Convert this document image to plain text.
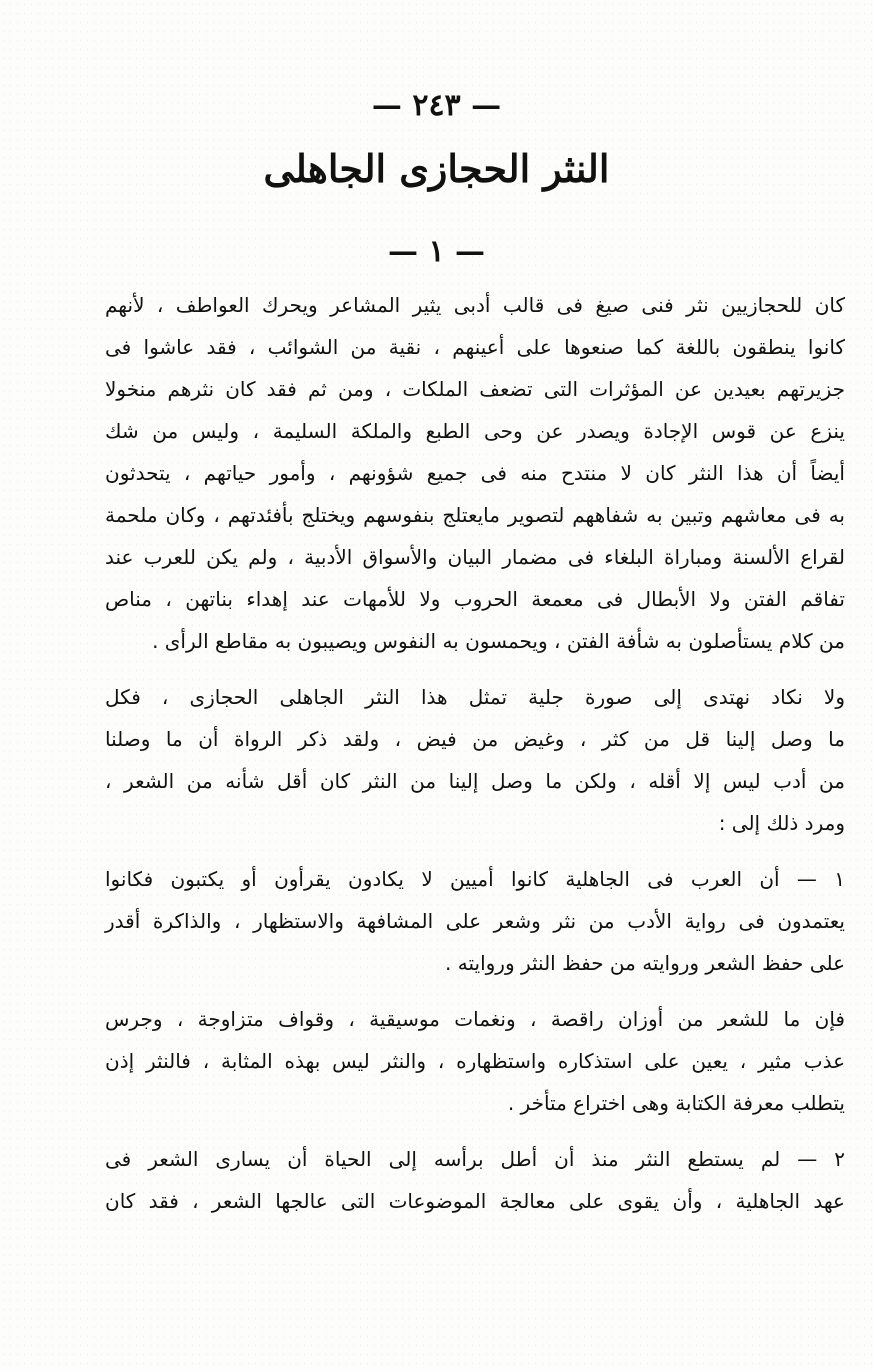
— ٢٤٣ —
النثر الحجازى الجاهلى
— ١ —

كان للحجازيين نثر فنى صيغ فى قالب أدبى يثير المشاعر ويحرك العواطف ، لأنهم
كانوا ينطقون باللغة كما صنعوها على أعينهم ، نقية من الشوائب ، فقد عاشوا فى
جزيرتهم بعيدين عن المؤثرات التى تضعف الملكات ، ومن ثم فقد كان نثرهم منخولا
ينزع عن قوس الإجادة ويصدر عن وحى الطبع والملكة السليمة ، وليس من شك
أيضاً أن هذا النثر كان لا منتدح منه فى جميع شؤونهم ، وأمور حياتهم ، يتحدثون
به فى معاشهم وتبين به شفاههم لتصوير مايعتلج بنفوسهم ويختلج بأفئدتهم ، وكان ملحمة
لقراع الألسنة ومباراة البلغاء فى مضمار البيان والأسواق الأدبية ، ولم يكن للعرب عند
تفاقم الفتن ولا الأبطال فى معمعة الحروب ولا للأمهات عند إهداء بناتهن ، مناص
من كلام يستأصلون به شأفة الفتن ، ويحمسون به النفوس ويصيبون به مقاطع الرأى .

ولا نكاد نهتدى إلى صورة جلية تمثل هذا النثر الجاهلى الحجازى ، فكل
ما وصل إلينا قل من كثر ، وغيض من فيض ، ولقد ذكر الرواة أن ما وصلنا
من أدب ليس إلا أقله ، ولكن ما وصل إلينا من النثر كان أقل شأنه من الشعر ،
ومرد ذلك إلى :

١ — أن العرب فى الجاهلية كانوا أميين لا يكادون يقرأون أو يكتبون فكانوا
يعتمدون فى رواية الأدب من نثر وشعر على المشافهة والاستظهار ، والذاكرة أقدر
على حفظ الشعر وروايته من حفظ النثر وروايته .

فإن ما للشعر من أوزان راقصة ، ونغمات موسيقية ، وقواف متزاوجة ، وجرس
عذب مثير ، يعين على استذكاره واستظهاره ، والنثر ليس بهذه المثابة ، فالنثر إذن
يتطلب معرفة الكتابة وهى اختراع متأخر .

٢ — لم يستطع النثر منذ أن أطل برأسه إلى الحياة أن يسارى الشعر فى
عهد الجاهلية ، وأن يقوى على معالجة الموضوعات التى عالجها الشعر ، فقد كان
